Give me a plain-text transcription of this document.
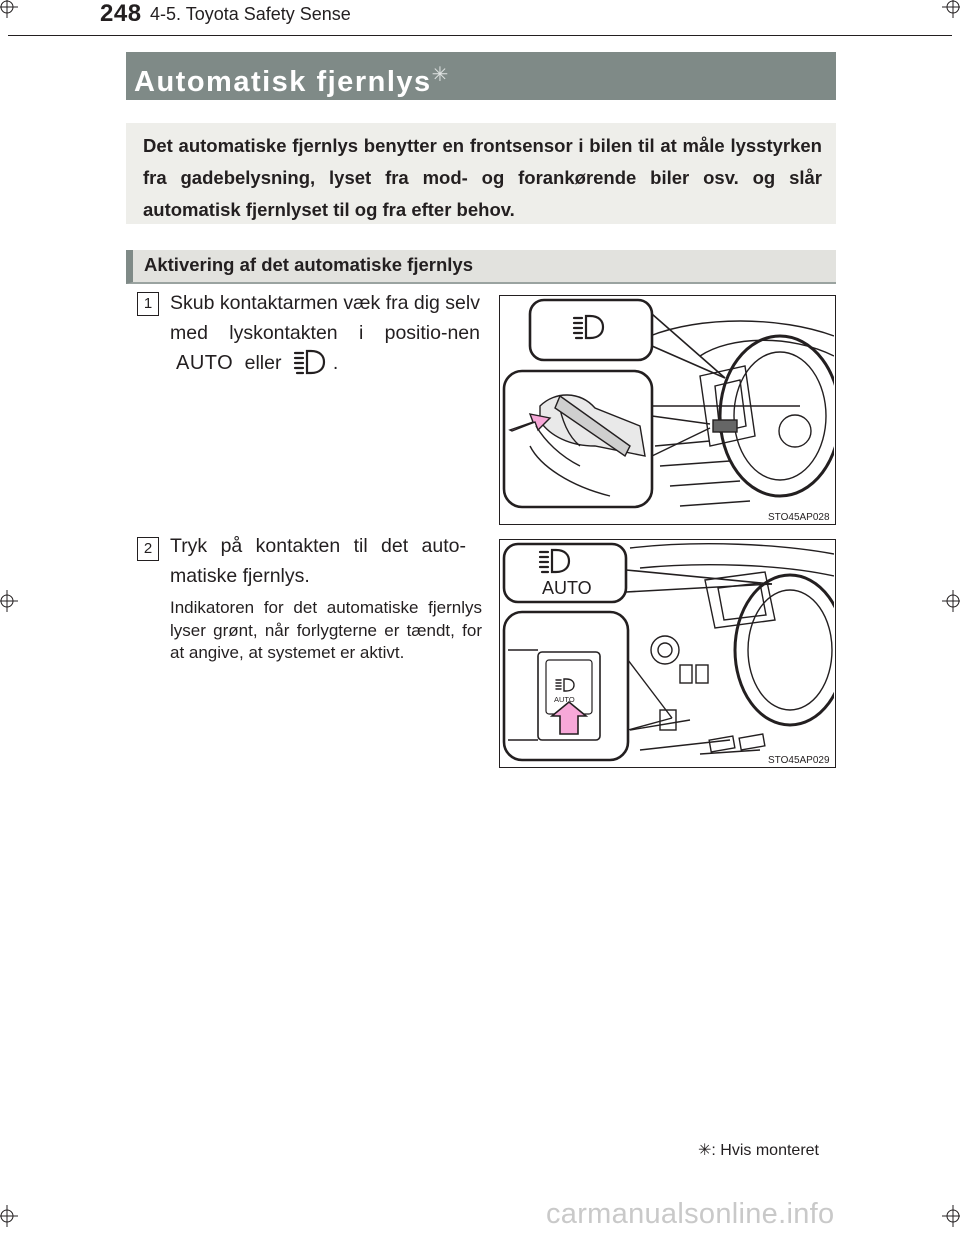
248 4-5. Toyota Safety Sense
Automatisk fjernlys✳
Det automatiske fjernlys benytter en frontsensor i bilen til at måle lysstyrken fra gadebelysning, lyset fra mod- og forankørende biler osv. og slår automatisk fjernlyset til og fra efter behov.
Aktivering af det automatiske fjernlys
1 Skub kontaktarmen væk fra dig selv med lyskontakten i positio-nen AUTO eller	.
STO45AP028
2 Tryk på kontakten til det auto-matiske fjernlys.
Indikatoren for det automatiske fjernlys lyser grønt, når forlygterne er tændt, for at angive, at systemet er aktivt.
AUTO
AUTO
STO45AP029
✳: Hvis monteret
carmanualsonline.info
